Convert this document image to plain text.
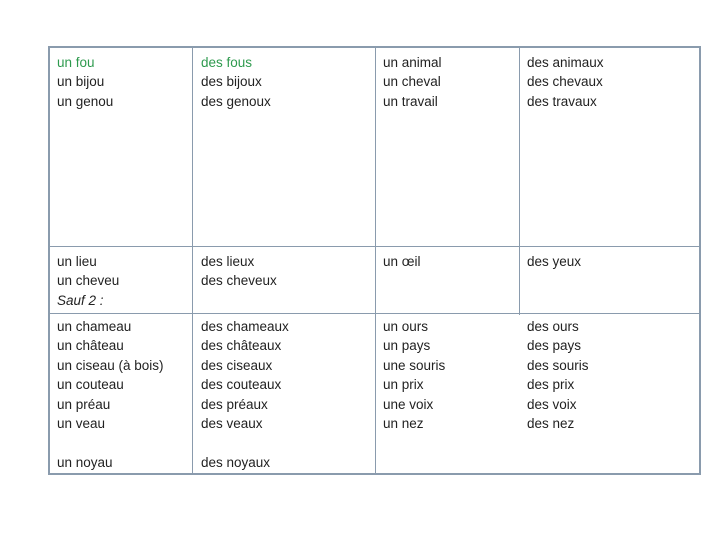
un fou
un bijou
un genou
des fous
des bijoux
des genoux
un animal
un cheval
un travail
des animaux
des chevaux
des travaux
un lieu
un cheveu
Sauf 2 :
des lieux
des cheveux
un œil	des yeux
un chameau
un château
un ciseau (à bois)
un couteau
un préau
un veau
un noyau
des chameaux
des châteaux
des ciseaux
des couteaux
des préaux
des veaux
des noyaux
un ours
un pays
une souris
un prix
une voix
un nez
des ours
des pays
des souris
des prix
des voix
des nez
